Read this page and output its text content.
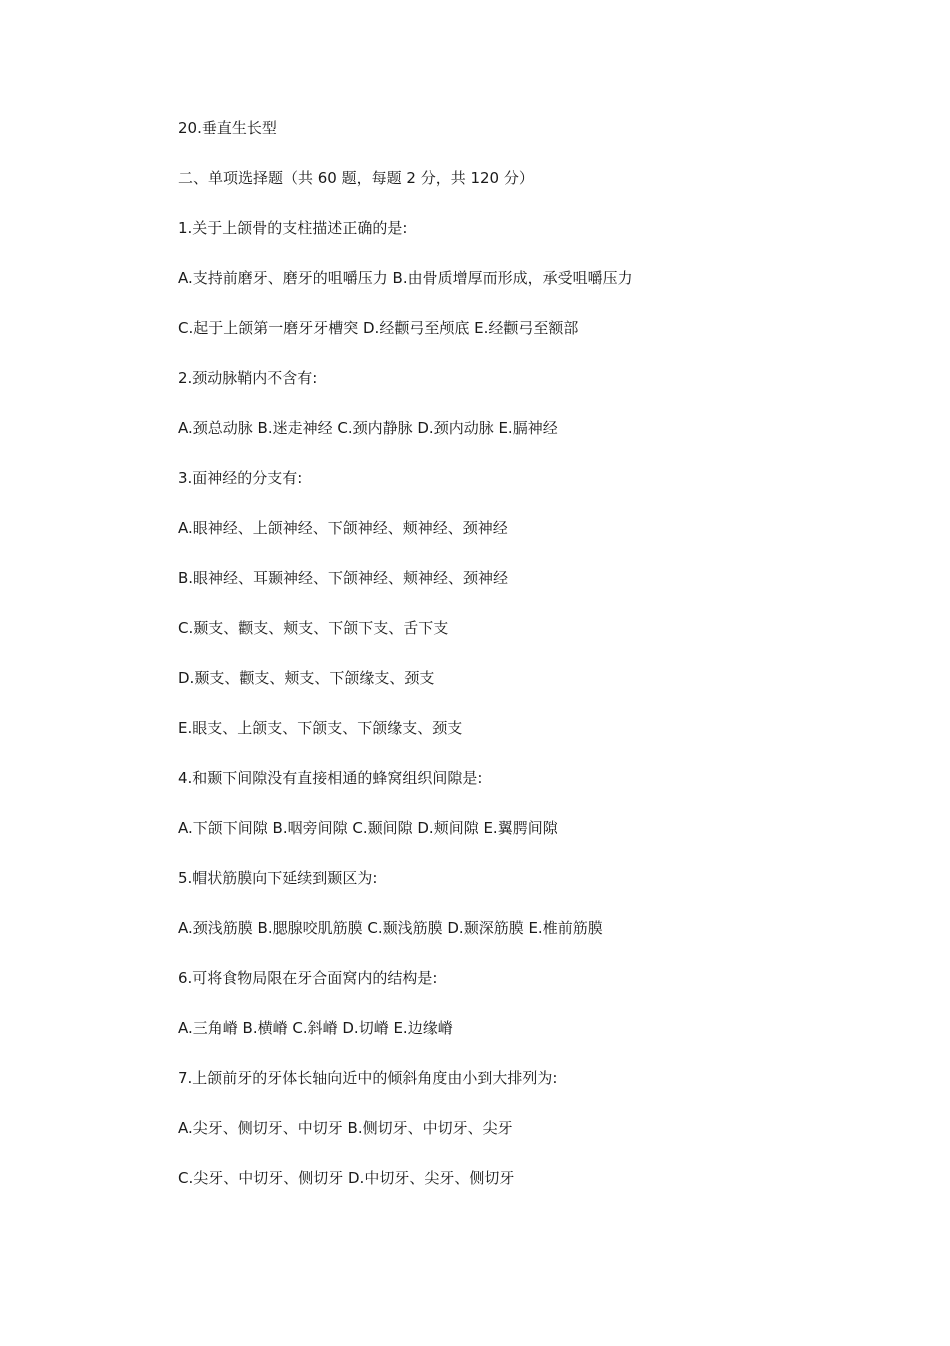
20.垂直生长型
二、单项选择题（共 60 题，每题 2 分，共 120 分）
1.关于上颌骨的支柱描述正确的是:
A.支持前磨牙、磨牙的咀嚼压力 B.由骨质增厚而形成，承受咀嚼压力
C.起于上颌第一磨牙牙槽突 D.经颧弓至颅底 E.经颧弓至额部
2.颈动脉鞘内不含有:
A.颈总动脉 B.迷走神经 C.颈内静脉 D.颈内动脉 E.膈神经
3.面神经的分支有:
A.眼神经、上颌神经、下颌神经、颊神经、颈神经
B.眼神经、耳颞神经、下颌神经、颊神经、颈神经
C.颞支、颧支、颊支、下颌下支、舌下支
D.颞支、颧支、颊支、下颌缘支、颈支
E.眼支、上颌支、下颌支、下颌缘支、颈支
4.和颞下间隙没有直接相通的蜂窝组织间隙是:
A.下颌下间隙 B.咽旁间隙 C.颞间隙 D.颊间隙 E.翼腭间隙
5.帽状筋膜向下延续到颞区为:
A.颈浅筋膜 B.腮腺咬肌筋膜 C.颞浅筋膜 D.颞深筋膜 E.椎前筋膜
6.可将食物局限在牙合面窝内的结构是:
A.三角嵴 B.横嵴 C.斜嵴 D.切嵴 E.边缘嵴
7.上颌前牙的牙体长轴向近中的倾斜角度由小到大排列为:
A.尖牙、侧切牙、中切牙 B.侧切牙、中切牙、尖牙
C.尖牙、中切牙、侧切牙 D.中切牙、尖牙、侧切牙
